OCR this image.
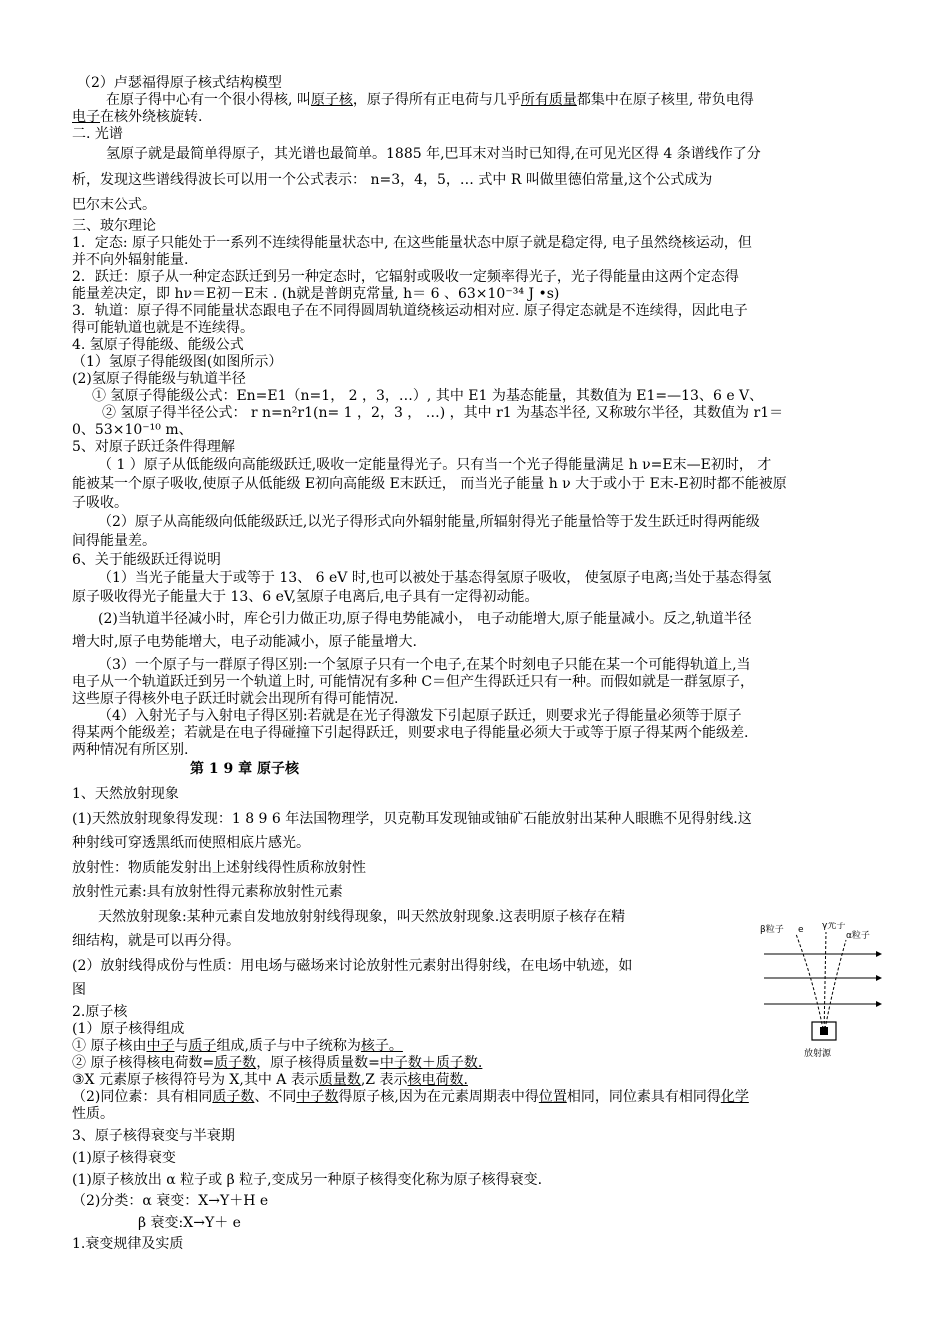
（2）卢瑟福得原子核式结构模型
在原子得中心有一个很小得核, 叫原子核，原子得所有正电荷与几乎所有质量都集中在原子核里, 带负电得
电子在核外绕核旋转.
二. 光谱
氢原子就是最简单得原子，其光谱也最简单。1885 年,巴耳末对当时已知得,在可见光区得 4 条谱线作了分
析，发现这些谱线得波长可以用一个公式表示： n=3，4，5，… 式中 R 叫做里德伯常量,这个公式成为
巴尔末公式。
三、玻尔理论
1．定态: 原子只能处于一系列不连续得能量状态中, 在这些能量状态中原子就是稳定得, 电子虽然绕核运动，但
并不向外辐射能量.
2．跃迁：原子从一种定态跃迁到另一种定态时，它辐射或吸收一定频率得光子，光子得能量由这两个定态得
能量差决定，即 hν＝E初－E末 . (h就是普朗克常量, h＝ 6 、63×10⁻³⁴ J •s)
3．轨道：原子得不同能量状态跟电子在不同得圆周轨道绕核运动相对应. 原子得定态就是不连续得，因此电子
得可能轨道也就是不连续得。
4. 氢原子得能级、能级公式
（1）氢原子得能级图(如图所示）
(2)氢原子得能级与轨道半径
① 氢原子得能级公式：En=E1（n=1， 2 ，3，…）, 其中 E1 为基态能量，其数值为 E1=—13、6 e V、
② 氢原子得半径公式： r n=n²r1(n= 1 ，2，3 ， …) ，其中 r1 为基态半径, 又称玻尔半径，其数值为 r1＝
0、53×10⁻¹⁰ m、
5、对原子跃迁条件得理解
（ 1 ）原子从低能级向高能级跃迁,吸收一定能量得光子。只有当一个光子得能量满足 h ν=E末—E初时， 才
能被某一个原子吸收,使原子从低能级 E初向高能级 E末跃迁， 而当光子能量 h ν 大于或小于 E末-E初时都不能被原
子吸收。
（2）原子从高能级向低能级跃迁,以光子得形式向外辐射能量,所辐射得光子能量恰等于发生跃迁时得两能级
间得能量差。
6、关于能级跃迁得说明
（1）当光子能量大于或等于 13、 6 eV 时,也可以被处于基态得氢原子吸收， 使氢原子电离;当处于基态得氢
原子吸收得光子能量大于 13、6 eV,氢原子电离后,电子具有一定得初动能。
(2)当轨道半径减小时，库仑引力做正功,原子得电势能减小， 电子动能增大,原子能量减小。反之,轨道半径
增大时,原子电势能增大，电子动能减小，原子能量增大.
（3）一个原子与一群原子得区别:一个氢原子只有一个电子,在某个时刻电子只能在某一个可能得轨道上,当
电子从一个轨道跃迁到另一个轨道上时, 可能情况有多种 C＝但产生得跃迁只有一种。而假如就是一群氢原子，
这些原子得核外电子跃迁时就会出现所有得可能情况.
（4）入射光子与入射电子得区别:若就是在光子得激发下引起原子跃迁，则要求光子得能量必须等于原子
得某两个能级差；若就是在电子得碰撞下引起得跃迁，则要求电子得能量必须大于或等于原子得某两个能级差.
两种情况有所区别.
第 1 9 章 原子核
1、天然放射现象
(1)天然放射现象得发现：1 8 9 6 年法国物理学，贝克勒耳发现铀或铀矿石能放射出某种人眼瞧不见得射线.这
种射线可穿透黑纸而使照相底片感光。
放射性：物质能发射出上述射线得性质称放射性
放射性元素:具有放射性得元素称放射性元素
天然放射现象:某种元素自发地放射射线得现象，叫天然放射现象.这表明原子核存在精
细结构，就是可以再分得。
(2）放射线得成份与性质：用电场与磁场来讨论放射性元素射出得射线，在电场中轨迹，如
图
2.原子核
(1）原子核得组成
① 原子核由中子与质子组成,质子与中子统称为核子。
② 原子核得核电荷数=质子数，原子核得质量数=中子数＋质子数.
③X 元素原子核得符号为 X,其中 A 表示质量数,Z 表示核电荷数.
（2)同位素：具有相同质子数、不同中子数得原子核,因为在元素周期表中得位置相同，同位素具有相同得化学
性质。
3、原子核得衰变与半衰期
(1)原子核得衰变
(1)原子核放出 α 粒子或 β 粒子,变成另一种原子核得变化称为原子核得衰变.
（2)分类：α 衰变：X→Y＋H e
β 衰变:X→Y＋ e
1.衰变规律及实质
β粒子 e γ光子
α粒子
放射源
